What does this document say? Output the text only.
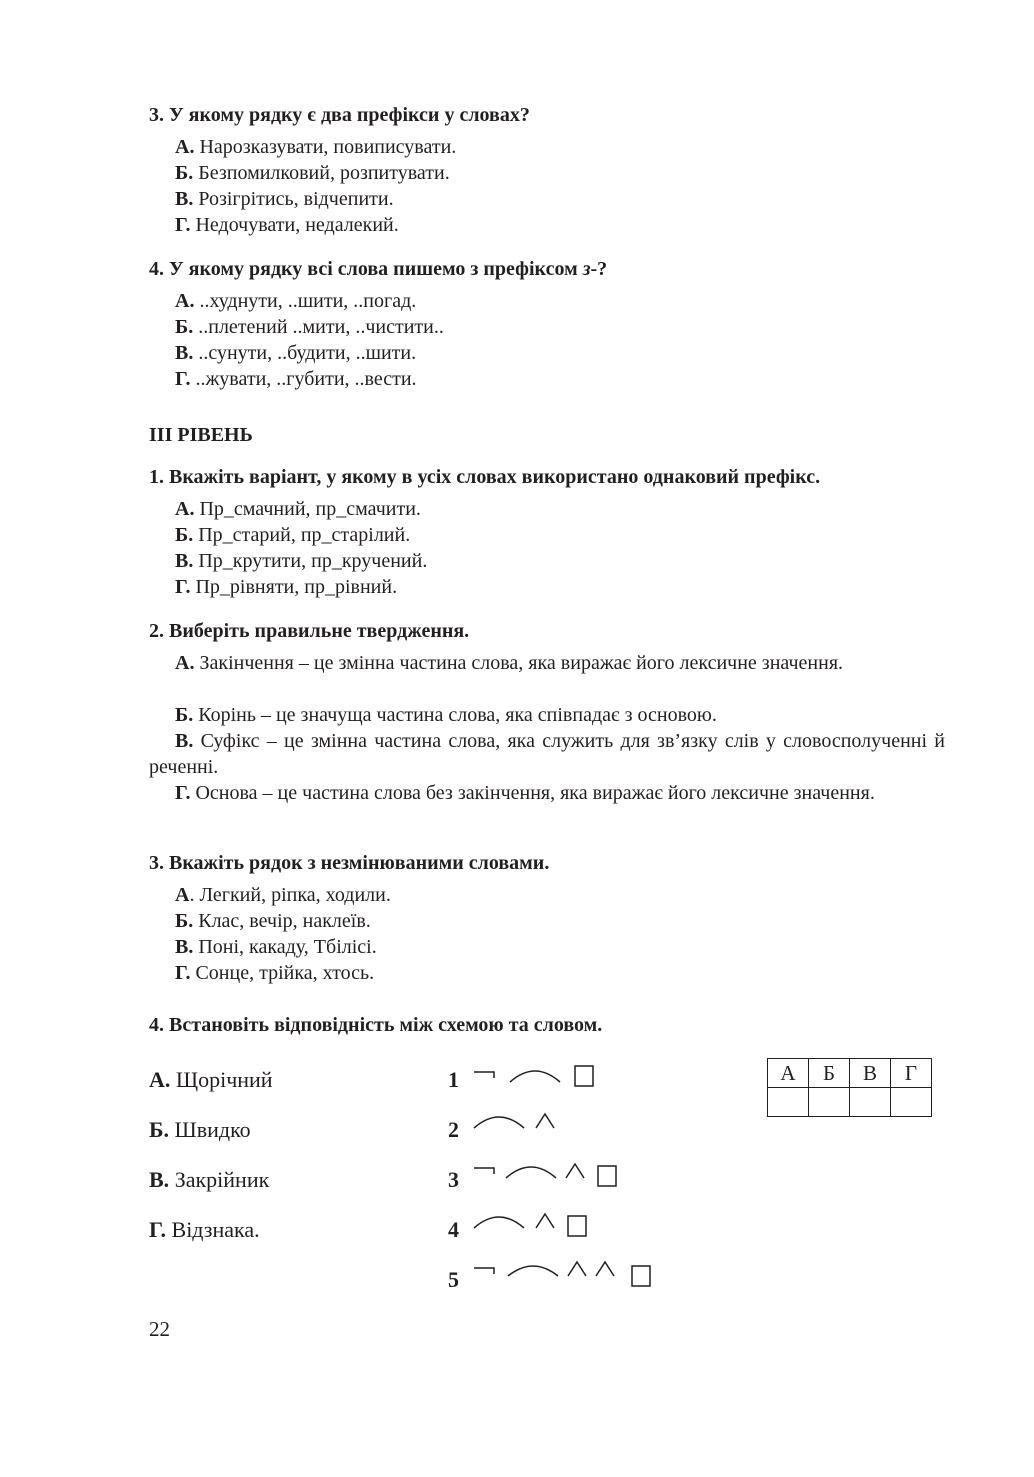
3. У якому рядку є два префікси у словах?
А. Нарозказувати, повиписувати.
Б. Безпомилковий, розпитувати.
В. Розігрітись, відчепити.
Г. Недочувати, недалекий.
4. У якому рядку всі слова пишемо з префіксом з-?
А. ..худнути, ..шити, ..погад.
Б. ..плетений ..мити, ..чистити..
В. ..сунути, ..будити, ..шити.
Г. ..жувати, ..губити, ..вести.
ІІІ РІВЕНЬ
1. Вкажіть варіант, у якому в усіх словах використано однаковий префікс.
А. Пр_смачний, пр_смачити.
Б. Пр_старий, пр_старілий.
В. Пр_крутити, пр_кручений.
Г. Пр_рівняти, пр_рівний.
2. Виберіть правильне твердження.
А. Закінчення – це змінна частина слова, яка виражає його лексичне значення.
Б. Корінь – це значуща частина слова, яка співпадає з основою.
В. Суфікс – це змінна частина слова, яка служить для зв’язку слів у словосполученні й реченні.
Г. Основа – це частина слова без закінчення, яка виражає його лексичне значення.
3. Вкажіть рядок з незмінюваними словами.
А. Легкий, ріпка, ходили.
Б. Клас, вечір, наклеїв.
В. Поні, какаду, Тбілісі.
Г. Сонце, трійка, хтось.
4. Встановіть відповідність між схемою та словом.
А. Щорічний
Б. Швидко
В. Закрійник
Г. Відзнака.
1
2
3
4
5
А	Б	В	Г

22
